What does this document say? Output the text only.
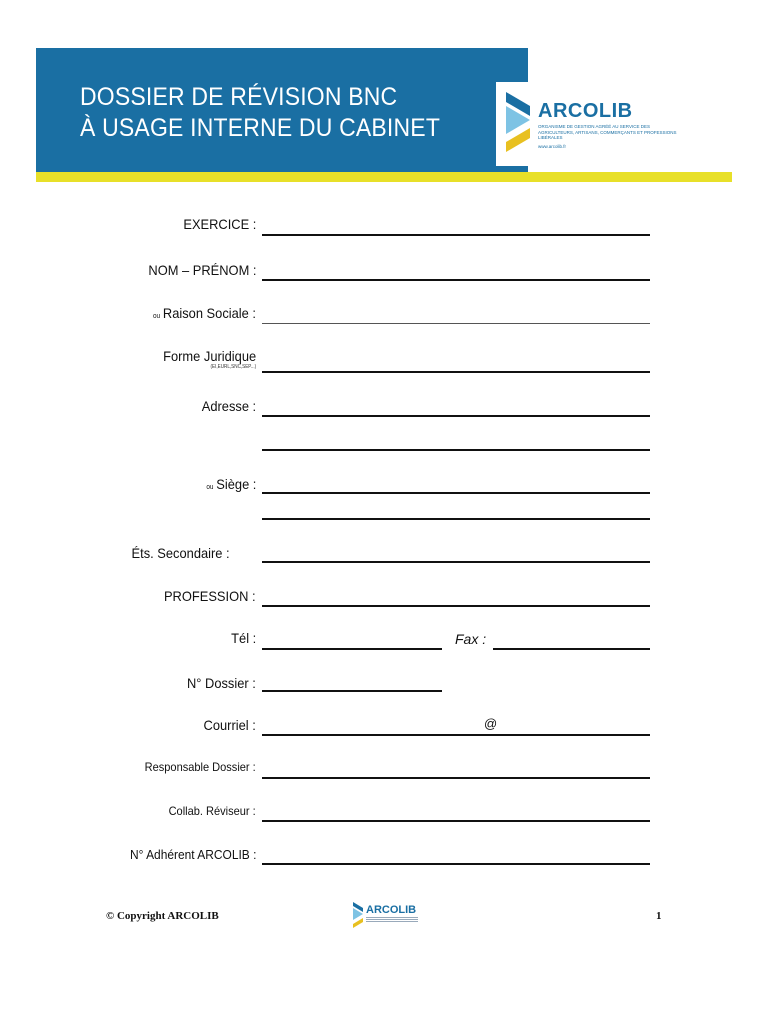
DOSSIER DE RÉVISION BNC
À USAGE INTERNE DU CABINET
ARCOLIB
ORGANISME DE GESTION AGRÉÉ AU SERVICE DES AGRICULTEURS, ARTISANS, COMMERÇANTS ET PROFESSIONS LIBÉRALES
www.arcolib.fr
EXERCICE :
NOM – PRÉNOM :
ou Raison Sociale :
Forme Juridique
(EI,EURL,SNC,SEP...)
Adresse :
ou Siège :
Éts. Secondaire :
PROFESSION :
Tél :	Fax :
N° Dossier :
Courriel :	@
Responsable Dossier :
Collab. Réviseur :
N° Adhérent ARCOLIB :
© Copyright ARCOLIB	ARCOLIB	1
